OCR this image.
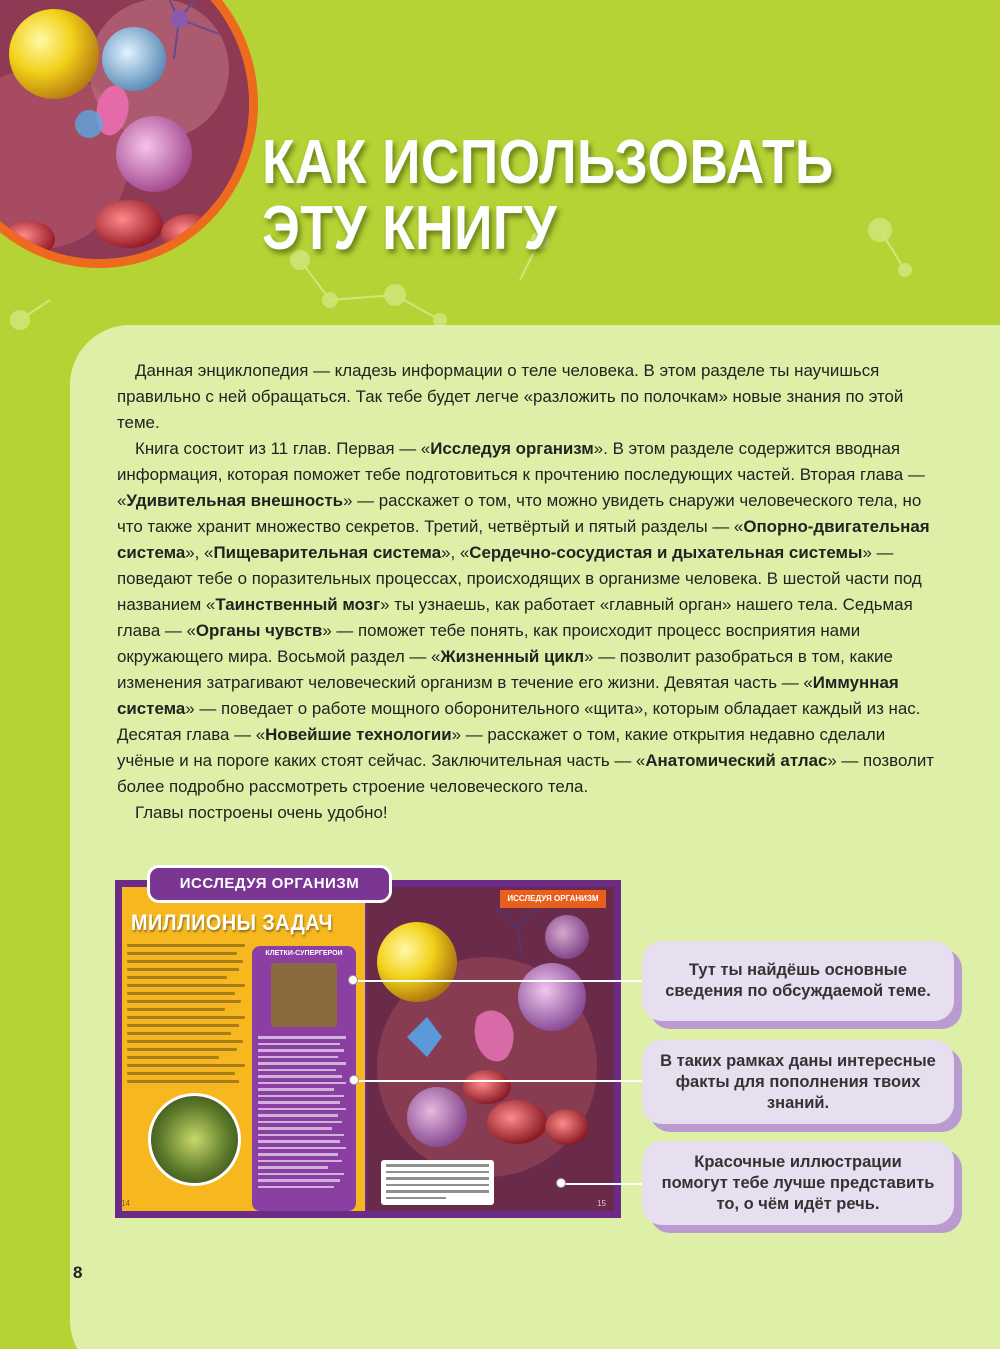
КАК ИСПОЛЬЗОВАТЬ
ЭТУ КНИГУ

Данная энциклопедия — кладезь информации о теле человека. В этом разделе ты научишься правильно с ней обращаться. Так тебе будет легче «разложить по полочкам» новые знания по этой теме.

Книга состоит из 11 глав. Первая — «Исследуя организм». В этом разделе содержится вводная информация, которая поможет тебе подготовиться к прочтению последующих частей. Вторая глава — «Удивительная внешность» — расскажет о том, что можно увидеть снаружи человеческого тела, но что также хранит множество секретов. Третий, четвёртый и пятый разделы — «Опорно-двигательная система», «Пищеварительная система», «Сердечно-сосудистая и дыхательная системы» — поведают тебе о поразительных процессах, происходящих в организме человека. В шестой части под названием «Таинственный мозг» ты узнаешь, как работает «главный орган» нашего тела. Седьмая глава — «Органы чувств» — поможет тебе понять, как происходит процесс восприятия нами окружающего мира. Восьмой раздел — «Жизненный цикл» — позволит разобраться в том, какие изменения затрагивают человеческий организм в течение его жизни. Девятая часть — «Иммунная система» — поведает о работе мощного оборонительного «щита», которым обладает каждый из нас. Десятая глава — «Новейшие технологии» — расскажет о том, какие открытия недавно сделали учёные и на пороге каких стоят сейчас. Заключительная часть — «Анатомический атлас» — позволит более подробно рассмотреть строение человеческого тела.

Главы построены очень удобно!

ИССЛЕДУЯ ОРГАНИЗМ
ИССЛЕДУЯ ОРГАНИЗМ
МИЛЛИОНЫ ЗАДАЧ
КЛЕТКИ-СУПЕРГЕРОИ
14	15
Тут ты найдёшь основные сведения по обсуждаемой теме.
В таких рамках даны интересные факты для пополнения твоих знаний.
Красочные иллюстрации помогут тебе лучше представить то, о чём идёт речь.
8
